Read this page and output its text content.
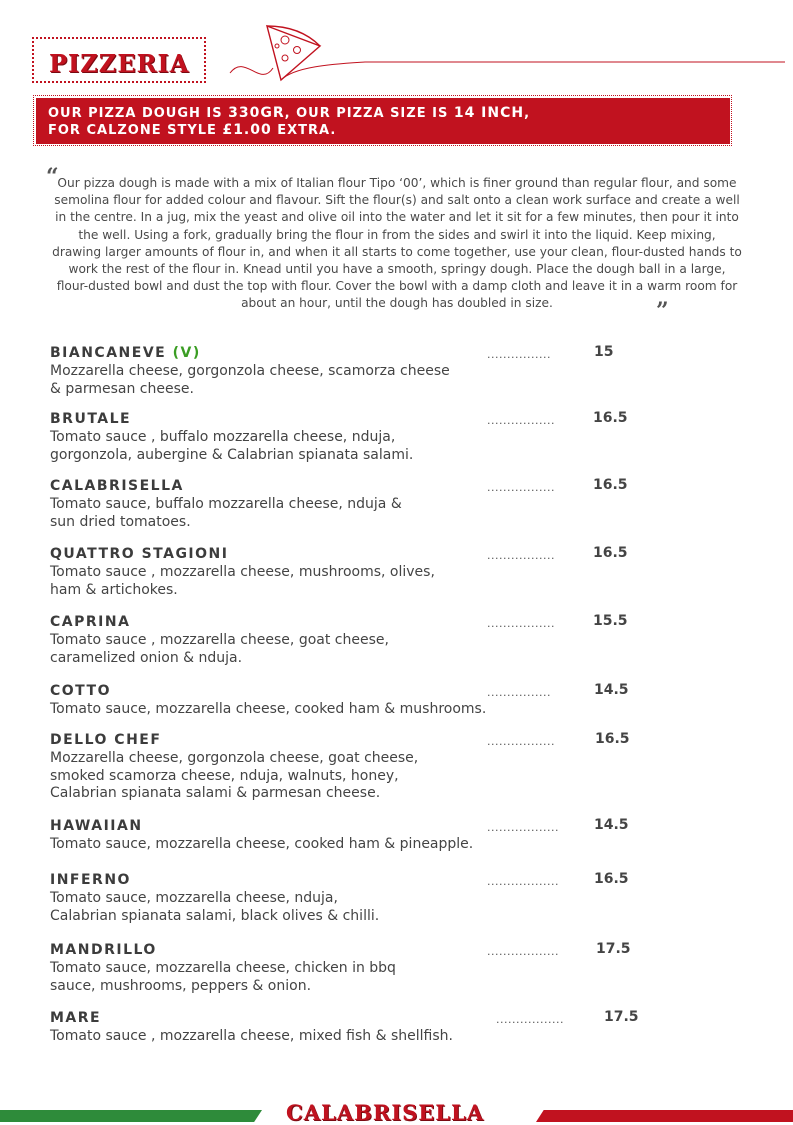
PIZZERIA
OUR PIZZA DOUGH IS 330GR, OUR PIZZA SIZE IS 14 INCH,
FOR CALZONE STYLE £1.00 EXTRA.
“
Our pizza dough is made with a mix of Italian flour Tipo ‘00’, which is finer ground than regular flour, and some semolina flour for added colour and flavour. Sift the flour(s) and salt onto a clean work surface and create a well in the centre. In a jug, mix the yeast and olive oil into the water and let it sit for a few minutes, then pour it into the well. Using a fork, gradually bring the flour in from the sides and swirl it into the liquid. Keep mixing, drawing larger amounts of flour in, and when it all starts to come together, use your clean, flour-dusted hands to work the rest of the flour in. Knead until you have a smooth, springy dough. Place the dough ball in a large, flour-dusted bowl and dust the top with flour. Cover the bowl with a damp cloth and leave it in a warm room for about an hour, until the dough has doubled in size.	”
BIANCANEVE (V)
Mozzarella cheese, gorgonzola cheese, scamorza cheese
& parmesan cheese.
................	15
BRUTALE
Tomato sauce , buffalo mozzarella cheese, nduja,
gorgonzola, aubergine & Calabrian spianata salami.
.................	16.5
CALABRISELLA
Tomato sauce, buffalo mozzarella cheese, nduja &
sun dried tomatoes.
.................	16.5
QUATTRO STAGIONI
Tomato sauce , mozzarella cheese, mushrooms, olives,
ham & artichokes.
.................	16.5
CAPRINA
Tomato sauce , mozzarella cheese, goat cheese,
caramelized onion & nduja.
.................	15.5
COTTO
Tomato sauce, mozzarella cheese, cooked ham & mushrooms.
................	14.5
DELLO CHEF
Mozzarella cheese, gorgonzola cheese, goat cheese,
smoked scamorza cheese, nduja, walnuts, honey,
Calabrian spianata salami & parmesan cheese.
.................	16.5
HAWAIIAN
Tomato sauce, mozzarella cheese, cooked ham & pineapple.
..................	14.5
INFERNO
Tomato sauce, mozzarella cheese, nduja,
Calabrian spianata salami, black olives & chilli.
..................	16.5
MANDRILLO
Tomato sauce, mozzarella cheese, chicken in bbq
sauce, mushrooms, peppers & onion.
..................	17.5
MARE
Tomato sauce , mozzarella cheese, mixed fish & shellfish.
.................	17.5
CALABRISELLA
